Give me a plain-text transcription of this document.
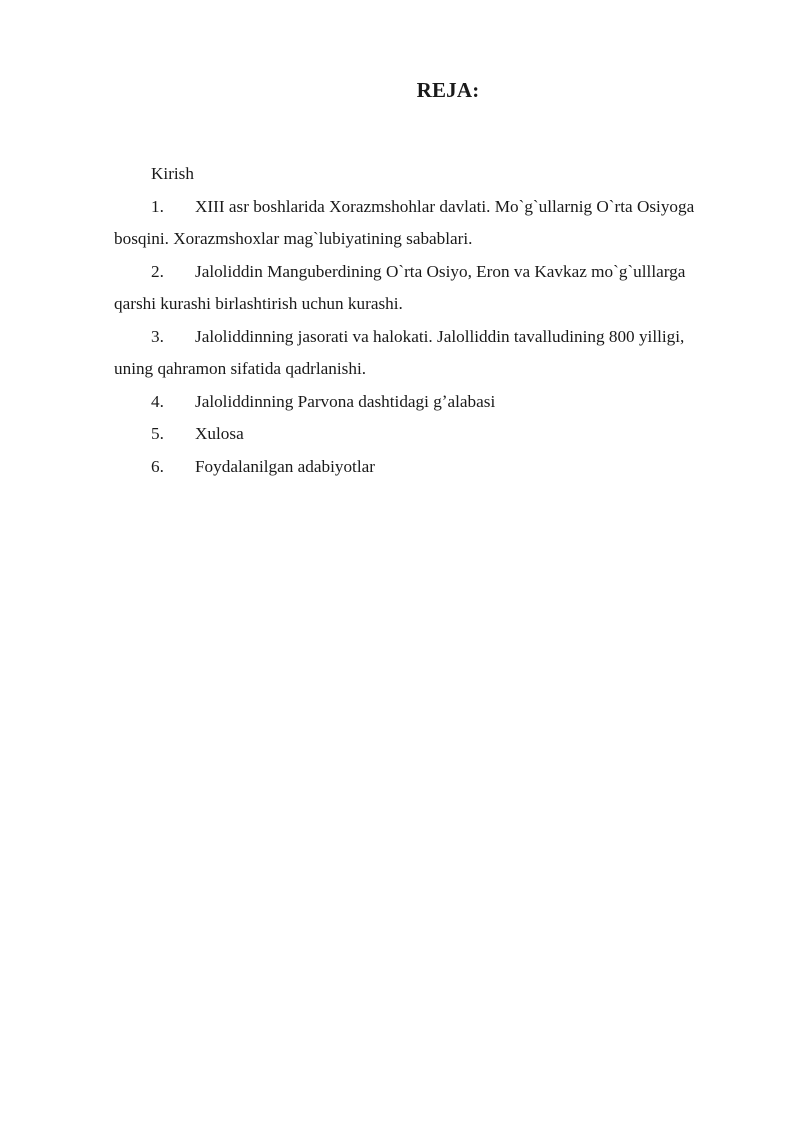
REJA:
Kirish
1. XIII asr boshlarida Xorazmshohlar davlati. Mo`g`ullarnig O`rta Osiyoga
bosqini. Xorazmshoxlar mag`lubiyatining sabablari.
2. Jaloliddin Manguberdining O`rta Osiyo, Eron va Kavkaz mo`g`ulllarga
qarshi kurashi birlashtirish uchun kurashi.
3. Jaloliddinning jasorati va halokati. Jalolliddin tavalludining 800 yilligi,
uning qahramon sifatida qadrlanishi.
4. Jaloliddinning Parvona dashtidagi gʼalabasi
5. Xulosa
6. Foydalanilgan adabiyotlar
